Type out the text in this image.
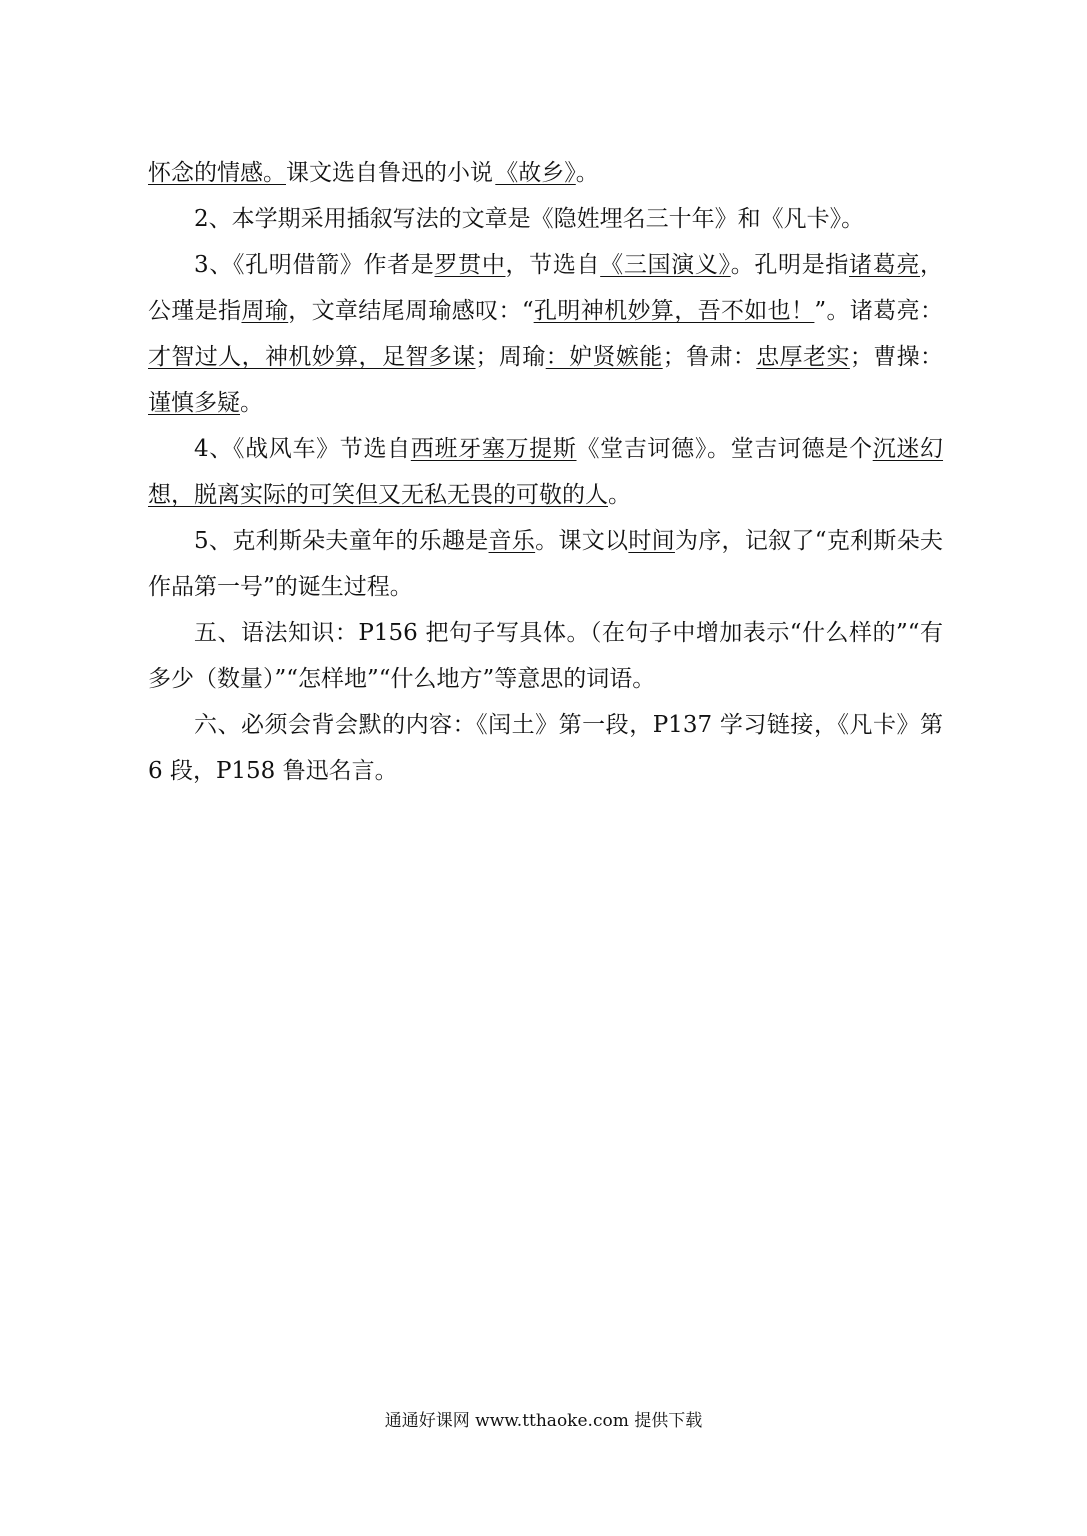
怀念的情感。课文选自鲁迅的小说 《故乡》。

2、本学期采用插叙写法的文章是《隐姓埋名三十年》和《凡卡》。

3、《孔明借箭》作者是罗贯中，节选自《三国演义》。孔明是指诸葛亮，公瑾是指周瑜，文章结尾周瑜感叹：“孔明神机妙算，吾不如也！”。诸葛亮：才智过人，神机妙算，足智多谋；周瑜：妒贤嫉能；鲁肃：忠厚老实；曹操：谨慎多疑。

4、《战风车》节选自西班牙塞万提斯《堂吉诃德》。堂吉诃德是个沉迷幻想，脱离实际的可笑但又无私无畏的可敬的人。

5、克利斯朵夫童年的乐趣是音乐。课文以时间为序，记叙了“克利斯朵夫作品第一号”的诞生过程。

五、语法知识：P156 把句子写具体。（在句子中增加表示“什么样的”“有多少（数量）”“怎样地”“什么地方”等意思的词语。

六、必须会背会默的内容：《闰土》第一段，P137 学习链接，《凡卡》第 6 段，P158 鲁迅名言。

通通好课网 www.tthaoke.com 提供下载
